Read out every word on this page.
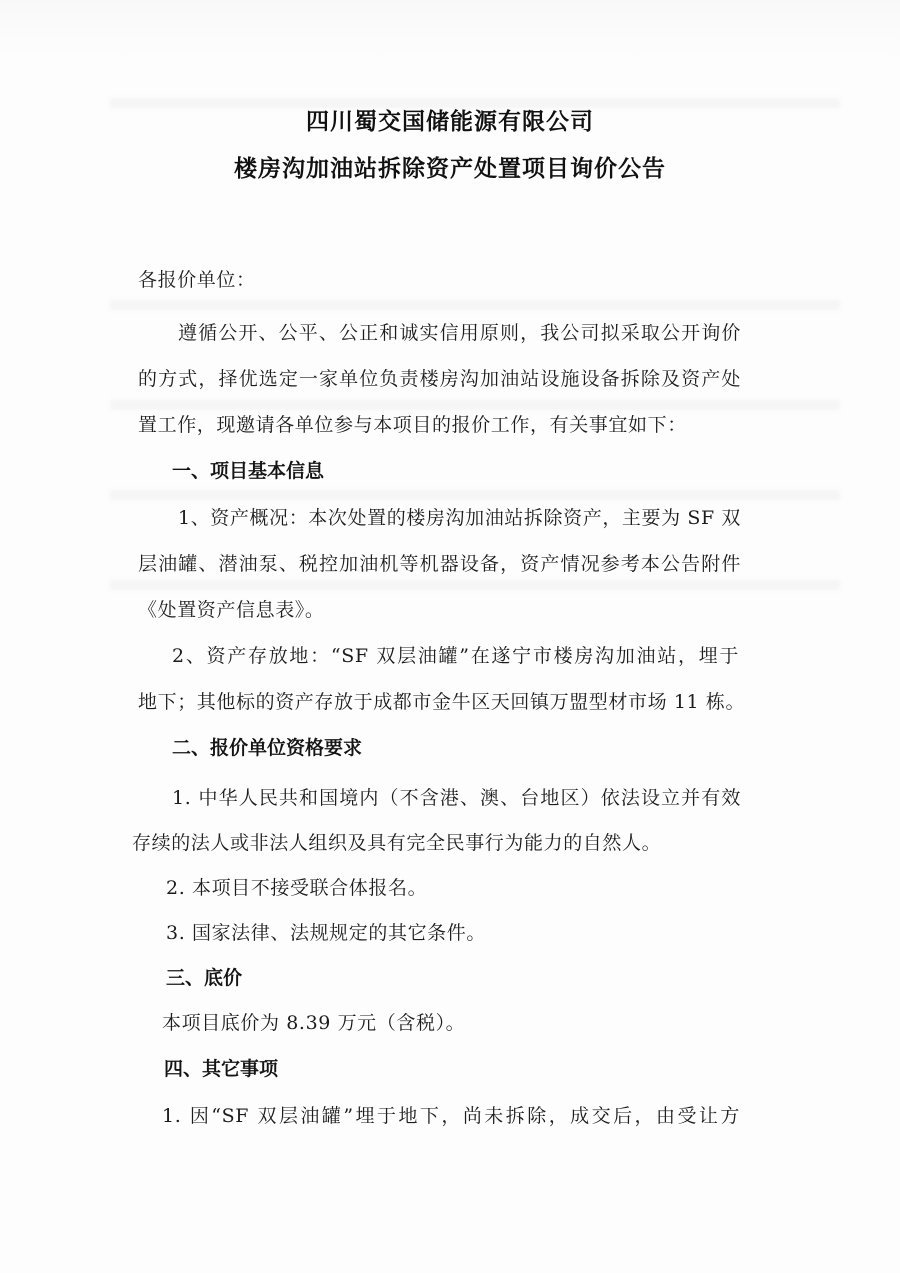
四川蜀交国储能源有限公司
楼房沟加油站拆除资产处置项目询价公告
各报价单位：
遵循公开、公平、公正和诚实信用原则，我公司拟采取公开询价
的方式，择优选定一家单位负责楼房沟加油站设施设备拆除及资产处
置工作，现邀请各单位参与本项目的报价工作，有关事宜如下：
一、项目基本信息
1、资产概况：本次处置的楼房沟加油站拆除资产，主要为 SF 双
层油罐、潜油泵、税控加油机等机器设备，资产情况参考本公告附件
《处置资产信息表》。
2、资产存放地：“SF 双层油罐”在遂宁市楼房沟加油站，埋于
地下；其他标的资产存放于成都市金牛区天回镇万盟型材市场 11 栋。
二、报价单位资格要求
1. 中华人民共和国境内（不含港、澳、台地区）依法设立并有效
存续的法人或非法人组织及具有完全民事行为能力的自然人。
2. 本项目不接受联合体报名。
3. 国家法律、法规规定的其它条件。
三、底价
本项目底价为 8.39 万元（含税）。
四、其它事项
1. 因“SF 双层油罐”埋于地下，尚未拆除，成交后，由受让方
